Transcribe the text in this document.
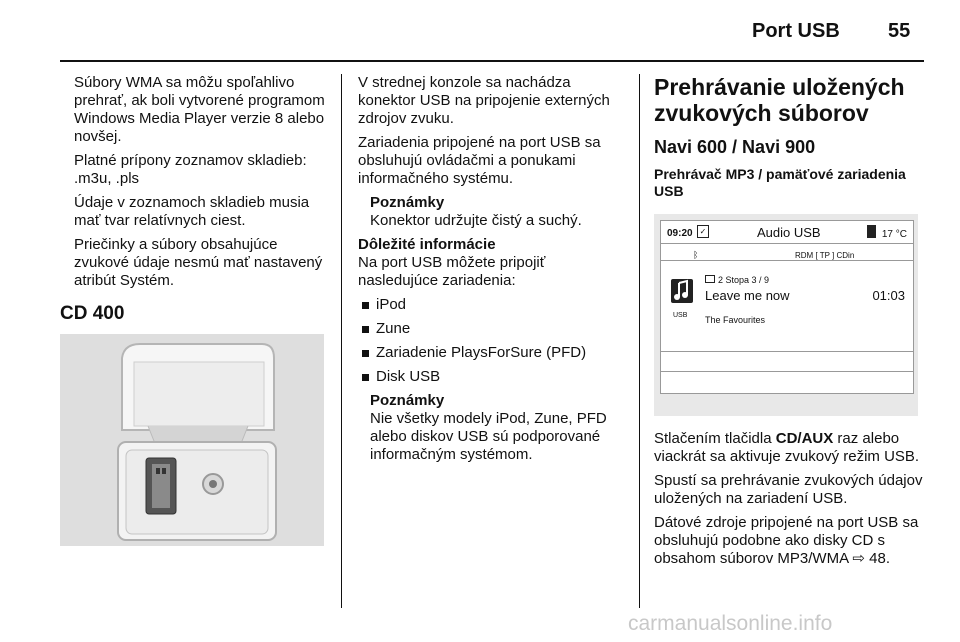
Port USB 55

Súbory WMA sa môžu spoľahlivo prehrať, ak boli vytvorené programom Windows Media Player verzie 8 alebo novšej.

Platné prípony zoznamov skladieb: .m3u, .pls

Údaje v zoznamoch skladieb musia mať tvar relatívnych ciest.

Priečinky a súbory obsahujúce zvukové údaje nesmú mať nastavený atribút Systém.

CD 400

V strednej konzole sa nachádza konektor USB na pripojenie externých zdrojov zvuku.

Zariadenia pripojené na port USB sa obsluhujú ovládačmi a ponukami informačného systému.

Poznámky
Konektor udržujte čistý a suchý.
Dôležité informácie

Na port USB môžete pripojiť nasledujúce zariadenia:

iPod
Zune
Zariadenie PlaysForSure (PFD)
Disk USB
Poznámky
Nie všetky modely iPod, Zune, PFD alebo diskov USB sú podporované informačným systémom.
Prehrávanie uložených zvukových súborov
Navi 600 / Navi 900
Prehrávač MP3 / pamäťové zariadenia USB
09:20 ✓	Audio USB	17 °C
ᛒ	RDM [ TP ] CDin
USB
2 Stopa 3 / 9
Leave me now	01:03
The Favourites

Stlačením tlačidla CD/AUX raz alebo viackrát sa aktivuje zvukový režim USB.

Spustí sa prehrávanie zvukových údajov uložených na zariadení USB.

Dátové zdroje pripojené na port USB sa obsluhujú podobne ako disky CD s obsahom súborov MP3/WMA ⇨ 48.

carmanualsonline.info
